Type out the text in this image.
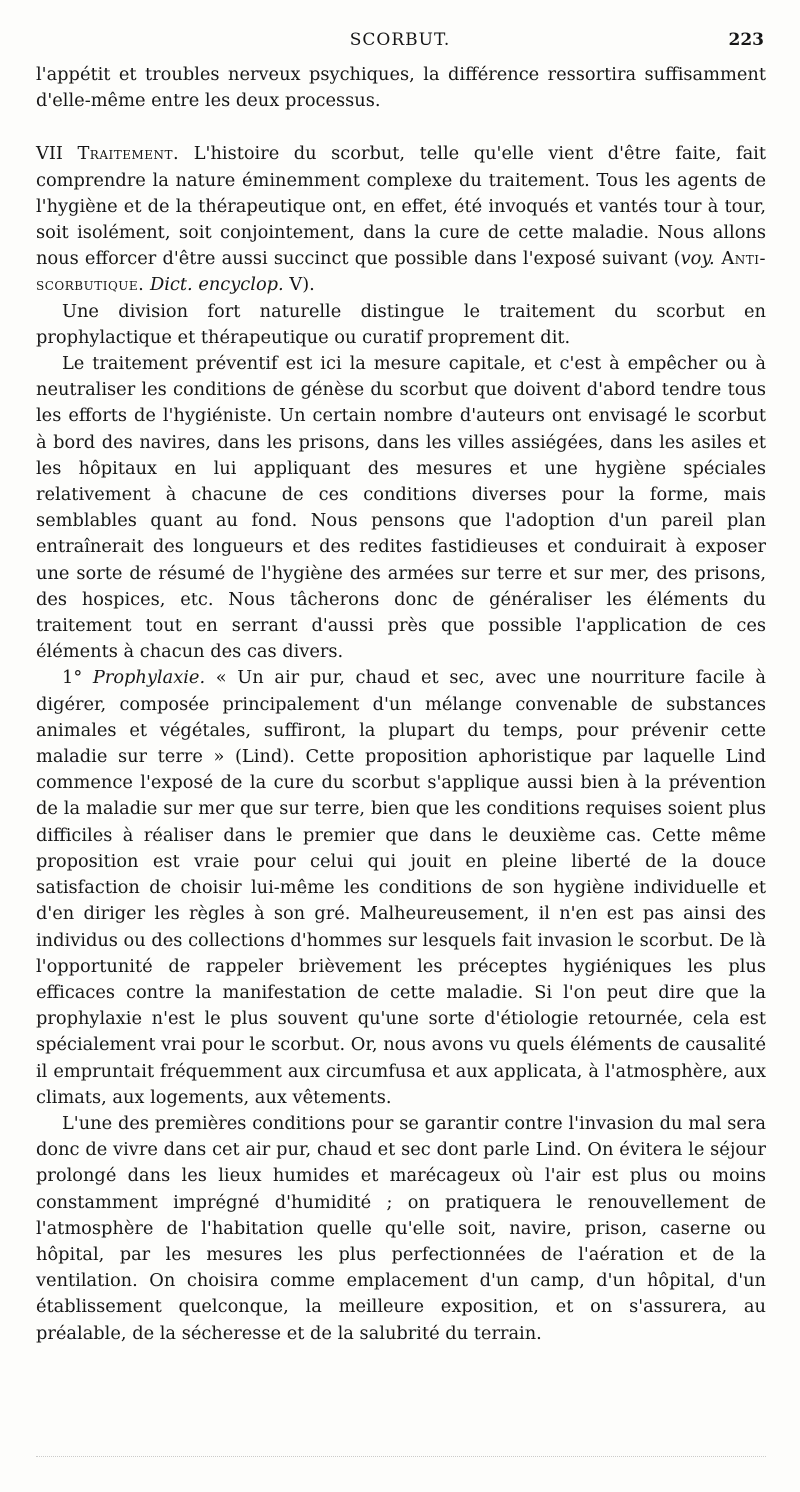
SCORBUT.	223

l'appétit et troubles nerveux psychiques, la différence ressortira suffisamment d'elle-même entre les deux processus.

VII Traitement. L'histoire du scorbut, telle qu'elle vient d'être faite, fait comprendre la nature éminemment complexe du traitement. Tous les agents de l'hygiène et de la thérapeutique ont, en effet, été invoqués et vantés tour à tour, soit isolément, soit conjointement, dans la cure de cette maladie. Nous allons nous efforcer d'être aussi succinct que possible dans l'exposé suivant (voy. Anti-scorbutique. Dict. encyclop. V).

Une division fort naturelle distingue le traitement du scorbut en prophylactique et thérapeutique ou curatif proprement dit.

Le traitement préventif est ici la mesure capitale, et c'est à empêcher ou à neutraliser les conditions de génèse du scorbut que doivent d'abord tendre tous les efforts de l'hygiéniste. Un certain nombre d'auteurs ont envisagé le scorbut à bord des navires, dans les prisons, dans les villes assiégées, dans les asiles et les hôpitaux en lui appliquant des mesures et une hygiène spéciales relativement à chacune de ces conditions diverses pour la forme, mais semblables quant au fond. Nous pensons que l'adoption d'un pareil plan entraînerait des longueurs et des redites fastidieuses et conduirait à exposer une sorte de résumé de l'hygiène des armées sur terre et sur mer, des prisons, des hospices, etc. Nous tâcherons donc de généraliser les éléments du traitement tout en serrant d'aussi près que possible l'application de ces éléments à chacun des cas divers.

1° Prophylaxie. « Un air pur, chaud et sec, avec une nourriture facile à digérer, composée principalement d'un mélange convenable de substances animales et végétales, suffiront, la plupart du temps, pour prévenir cette maladie sur terre » (Lind). Cette proposition aphoristique par laquelle Lind commence l'exposé de la cure du scorbut s'applique aussi bien à la prévention de la maladie sur mer que sur terre, bien que les conditions requises soient plus difficiles à réaliser dans le premier que dans le deuxième cas. Cette même proposition est vraie pour celui qui jouit en pleine liberté de la douce satisfaction de choisir lui-même les conditions de son hygiène individuelle et d'en diriger les règles à son gré. Malheureusement, il n'en est pas ainsi des individus ou des collections d'hommes sur lesquels fait invasion le scorbut. De là l'opportunité de rappeler brièvement les préceptes hygiéniques les plus efficaces contre la manifestation de cette maladie. Si l'on peut dire que la prophylaxie n'est le plus souvent qu'une sorte d'étiologie retournée, cela est spécialement vrai pour le scorbut. Or, nous avons vu quels éléments de causalité il empruntait fréquemment aux circumfusa et aux applicata, à l'atmosphère, aux climats, aux logements, aux vêtements.

L'une des premières conditions pour se garantir contre l'invasion du mal sera donc de vivre dans cet air pur, chaud et sec dont parle Lind. On évitera le séjour prolongé dans les lieux humides et marécageux où l'air est plus ou moins constamment imprégné d'humidité ; on pratiquera le renouvellement de l'atmosphère de l'habitation quelle qu'elle soit, navire, prison, caserne ou hôpital, par les mesures les plus perfectionnées de l'aération et de la ventilation. On choisira comme emplacement d'un camp, d'un hôpital, d'un établissement quelconque, la meilleure exposition, et on s'assurera, au préalable, de la sécheresse et de la salubrité du terrain.
